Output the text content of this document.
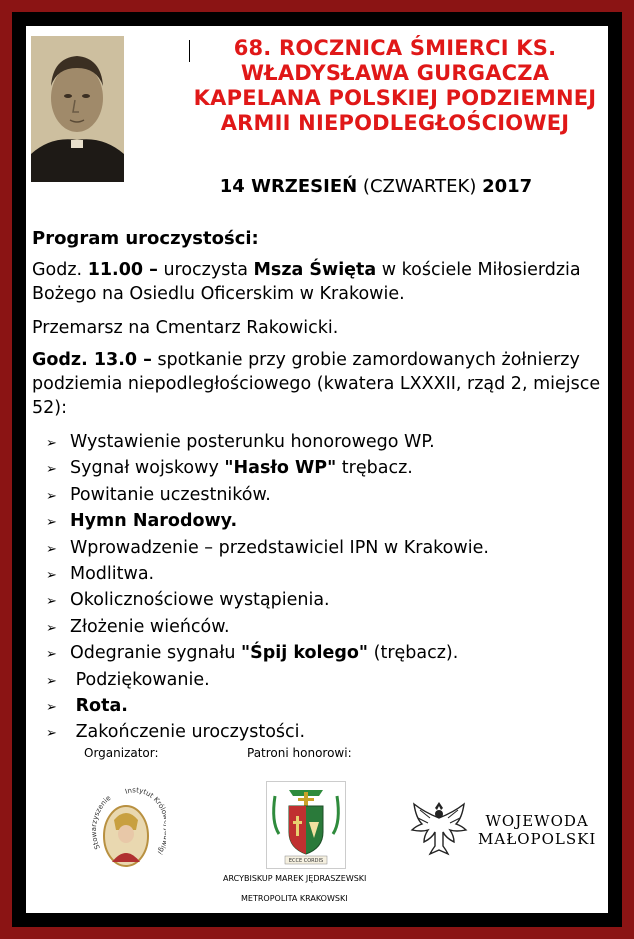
68. ROCZNICA ŚMIERCI KS. WŁADYSŁAWA GURGACZA KAPELANA POLSKIEJ PODZIEMNEJ ARMII NIEPODLEGŁOŚCIOWEJ
14 WRZESIEŃ (CZWARTEK) 2017
Program uroczystości:
Godz. 11.00 – uroczysta Msza Święta w kościele Miłosierdzia Bożego na Osiedlu Oficerskim w Krakowie.
Przemarsz na Cmentarz Rakowicki.
Godz. 13.0 – spotkanie przy grobie zamordowanych żołnierzy podziemia niepodległościowego (kwatera LXXXII, rząd 2, miejsce 52):
➢ Wystawienie posterunku honorowego WP.
➢ Sygnał wojskowy "Hasło WP" trębacz.
➢ Powitanie uczestników.
➢ Hymn Narodowy.
➢ Wprowadzenie – przedstawiciel IPN w Krakowie.
➢ Modlitwa.
➢ Okolicznościowe wystąpienia.
➢ Złożenie wieńców.
➢ Odegranie sygnału "Śpij kolego" (trębacz).
➢ Podziękowanie.
➢ Rota.
➢ Zakończenie uroczystości.
Organizator:	Patroni honorowi:
Stowarzyszenie
Instytut Król gi
ECCE CORDIS
ARCYBISKUP MAREK JĘDRASZEWSKI
METROPOLITA KRAKOWSKI
WOJEWODA
MAŁOPOLSKI
